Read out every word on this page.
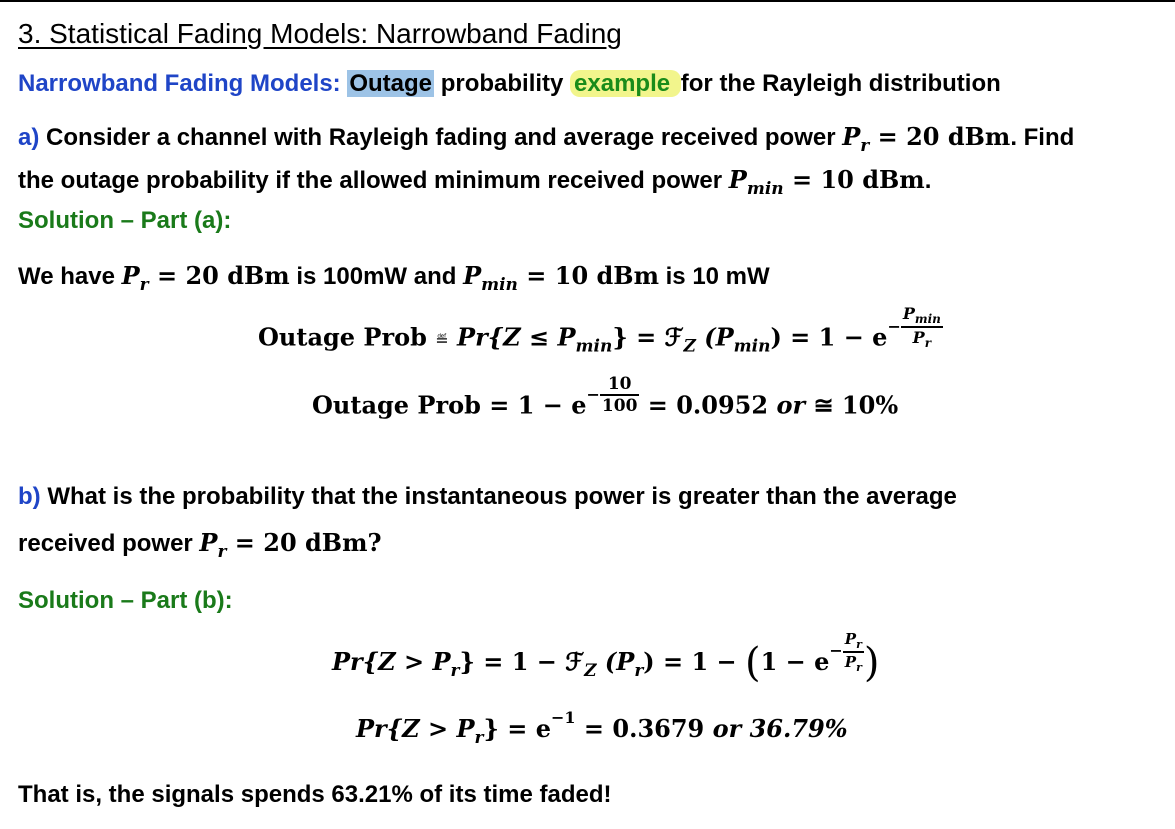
3. Statistical Fading Models: Narrowband Fading
Narrowband Fading Models: Outage probability example for the Rayleigh distribution
a) Consider a channel with Rayleigh fading and average received power $P_r = 20$ dBm. Find
the outage probability if the allowed minimum received power $P_{min} = 10$ dBm.
Solution – Part (a):
We have $P_r = 20$ dBm is 100mW and $P_{min} = 10$ dBm is 10 mW
Outage Prob ≝ $Pr\{Z \le P_{min}\}$ = ℱ$_Z$ $(P_{min}) = 1 - e^{- \frac{P_{min}}{P_r}}$
Outage Prob = $1 - e^{- \frac{10}{100}} = 0.0952$ or ≅ 10%
b) What is the probability that the instantaneous power is greater than the average
received power $P_r = 20$ dBm?
Solution – Part (b):
$Pr\{Z > P_r\} = 1$ − ℱ$_Z$ $(P_r) = 1 - (1 - e^{- \frac{P_r}{P_r}}$ )
$Pr\{Z > P_r\} = e^{-1} = 0.3679$ or 36.79%
That is, the signals spends 63.21% of its time faded!
